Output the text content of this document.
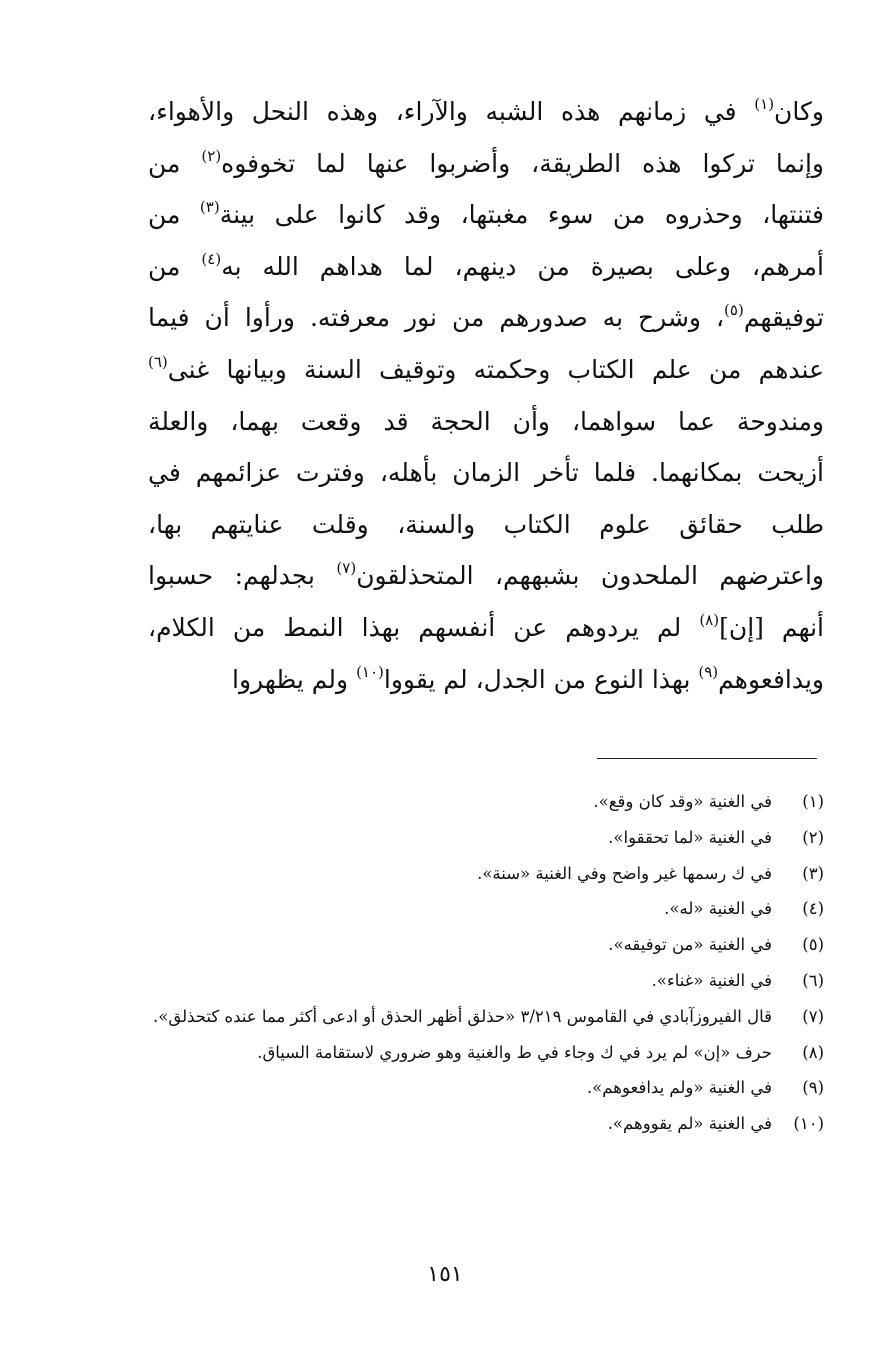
وكان$^{(١)}$ في زمانهم هذه الشبه والآراء، وهذه النحل والأهواء،
وإنما تركوا هذه الطريقة، وأضربوا عنها لما تخوفوه$^{(٢)}$ من
فتنتها، وحذروه من سوء مغبتها، وقد كانوا على بينة$^{(٣)}$ من
أمرهم، وعلى بصيرة من دينهم، لما هداهم الله به$^{(٤)}$ من
توفيقهم$^{(٥)}$، وشرح به صدورهم من نور معرفته. ورأوا أن فيما
عندهم من علم الكتاب وحكمته وتوقيف السنة وبيانها غنى$^{(٦)}$
ومندوحة عما سواهما، وأن الحجة قد وقعت بهما، والعلة
أزيحت بمكانهما. فلما تأخر الزمان بأهله، وفترت عزائمهم في
طلب حقائق علوم الكتاب والسنة، وقلت عنايتهم بها،
واعترضهم الملحدون بشبههم، المتحذلقون$^{(٧)}$ بجدلهم: حسبوا
أنهم [إن]$^{(٨)}$ لم يردوهم عن أنفسهم بهذا النمط من الكلام،
ويدافعوهم$^{(٩)}$ بهذا النوع من الجدل، لم يقووا$^{(١٠)}$ ولم يظهروا
(١)
في الغنية «وقد كان وقع».
(٢)
في الغنية «لما تحققوا».
(٣)
في ك رسمها غير واضح وفي الغنية «سنة».
(٤)
في الغنية «له».
(٥)
في الغنية «من توفيقه».
(٦)
في الغنية «غناء».
(٧)
قال الفيروزآبادي في القاموس ٣/٢١٩ «حذلق أظهر الحذق أو ادعى أكثر مما عنده كتحذلق».
(٨)
حرف «إن» لم يرد في ك وجاء في ط والغنية وهو ضروري لاستقامة السياق.
(٩)
في الغنية «ولم يدافعوهم».
(١٠)
في الغنية «لم يقووهم».
١٥١
